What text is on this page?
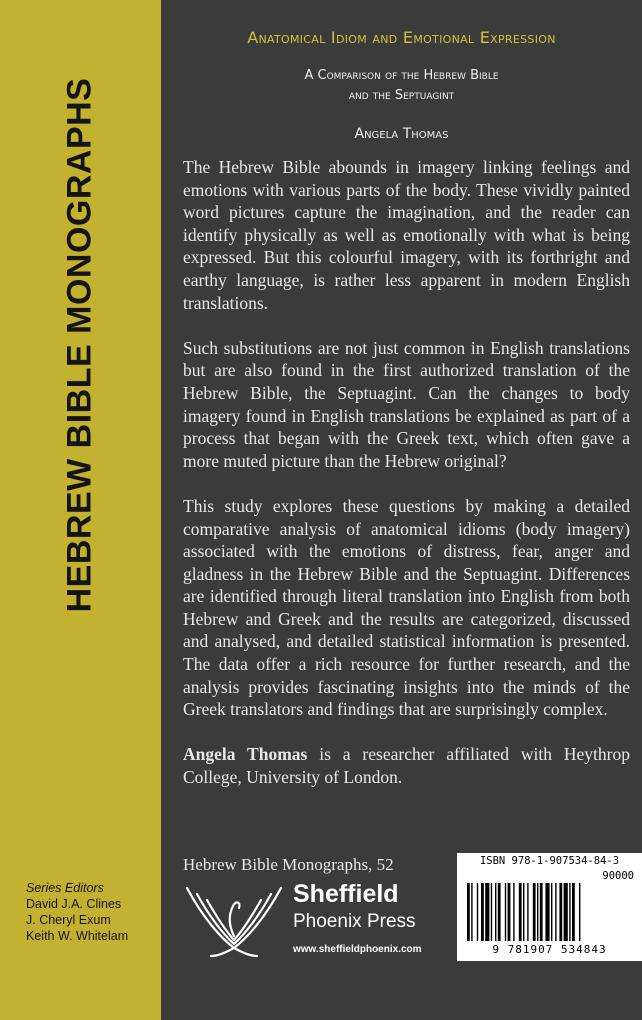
HEBREW BIBLE MONOGRAPHS
Series Editors
David J.A. Clines
J. Cheryl Exum
Keith W. Whitelam
Anatomical Idiom and Emotional Expression
A Comparison of the Hebrew Bible
and the Septuagint
Angela Thomas

The Hebrew Bible abounds in imagery linking feelings and emotions with various parts of the body. These vividly painted word pictures capture the imagination, and the reader can identify physically as well as emotionally with what is being expressed. But this colourful imagery, with its forthright and earthy language, is rather less apparent in modern English translations.

Such substitutions are not just common in English translations but are also found in the first authorized translation of the Hebrew Bible, the Septuagint. Can the changes to body imagery found in English translations be explained as part of a process that began with the Greek text, which often gave a more muted picture than the Hebrew original?

This study explores these questions by making a detailed comparative analysis of anatomical idioms (body imagery) associated with the emotions of distress, fear, anger and gladness in the Hebrew Bible and the Septuagint. Differences are identified through literal translation into English from both Hebrew and Greek and the results are categorized, discussed and analysed, and detailed statistical information is presented. The data offer a rich resource for further research, and the analysis provides fascinating insights into the minds of the Greek translators and findings that are surprisingly complex.

Angela Thomas is a researcher affiliated with Heythrop College, University of London.

Hebrew Bible Monographs, 52
Sheffield
Phoenix Press
www.sheffieldphoenix.com
ISBN 978-1-907534-84-3
90000
9 781907 534843
